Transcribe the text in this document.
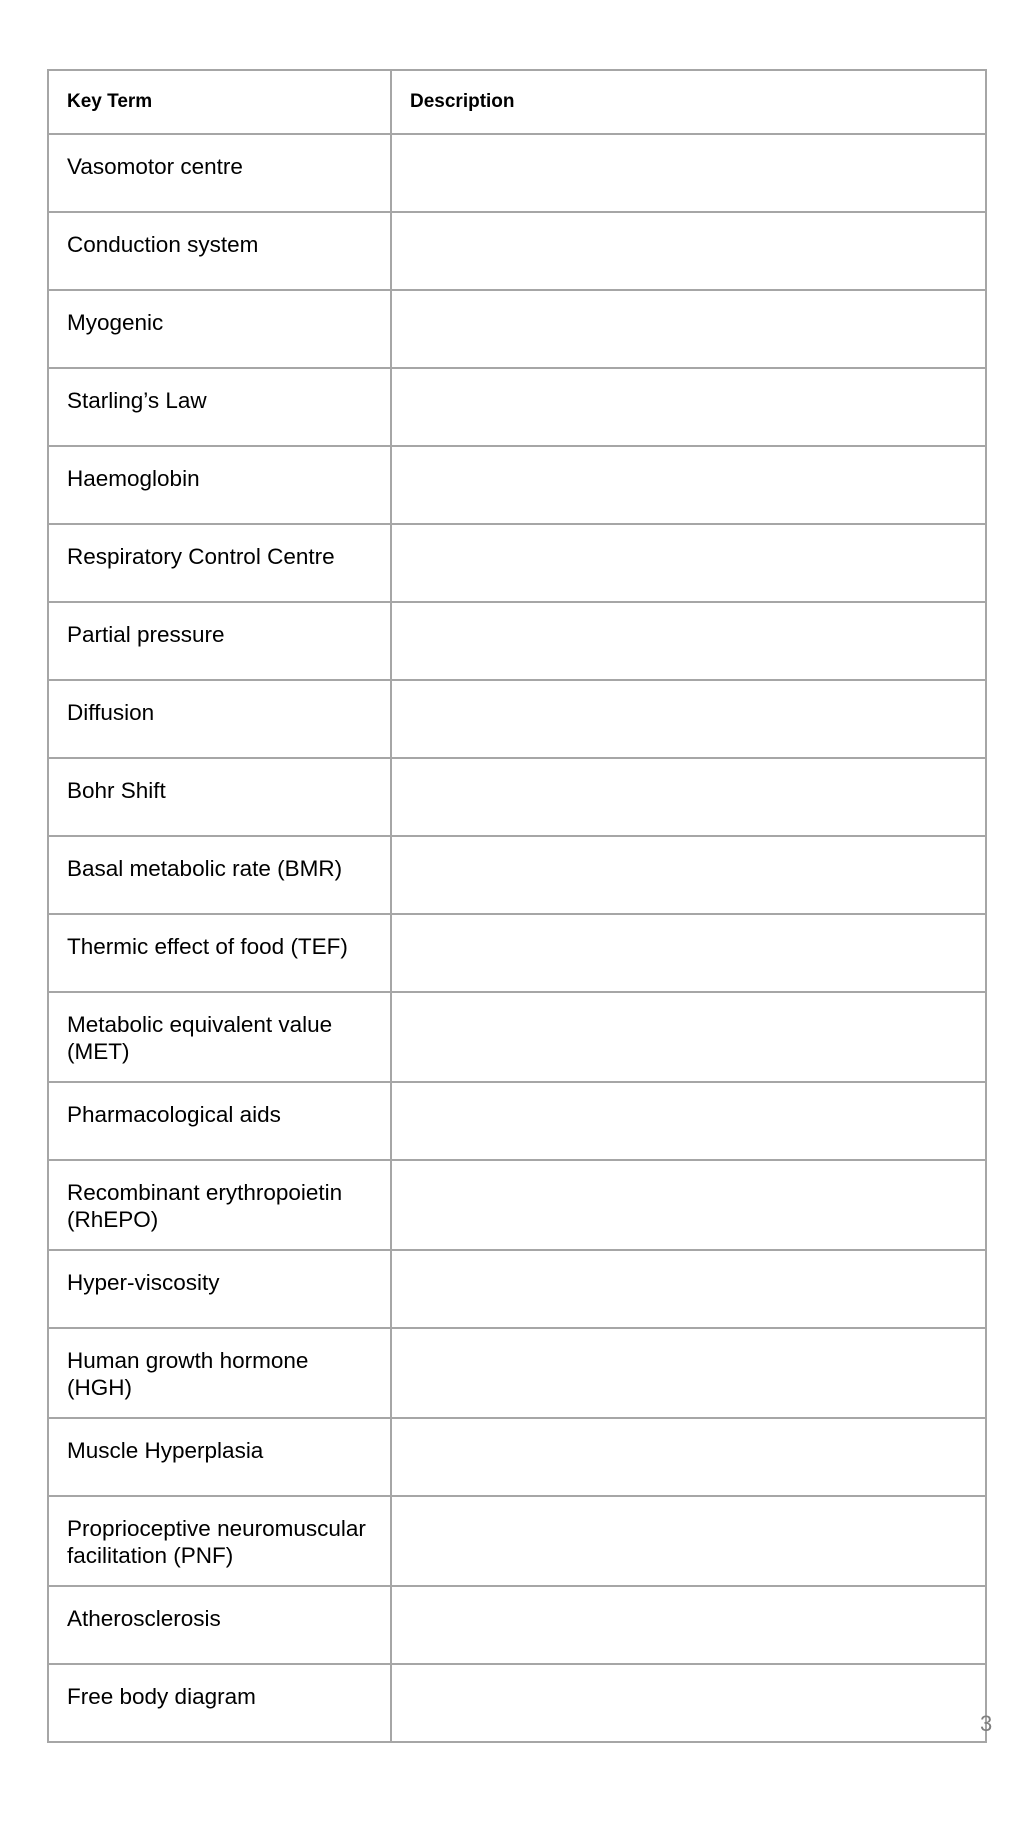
Key Term	Description
Vasomotor centre	
Conduction system	
Myogenic	
Starling’s Law	
Haemoglobin	
Respiratory Control Centre	
Partial pressure	
Diffusion	
Bohr Shift	
Basal metabolic rate (BMR)	
Thermic effect of food (TEF)	
Metabolic equivalent value (MET)	
Pharmacological aids	
Recombinant erythropoietin (RhEPO)	
Hyper-viscosity	
Human growth hormone (HGH)	
Muscle Hyperplasia	
Proprioceptive neuromuscular facilitation (PNF)	
Atherosclerosis	
Free body diagram	
3
